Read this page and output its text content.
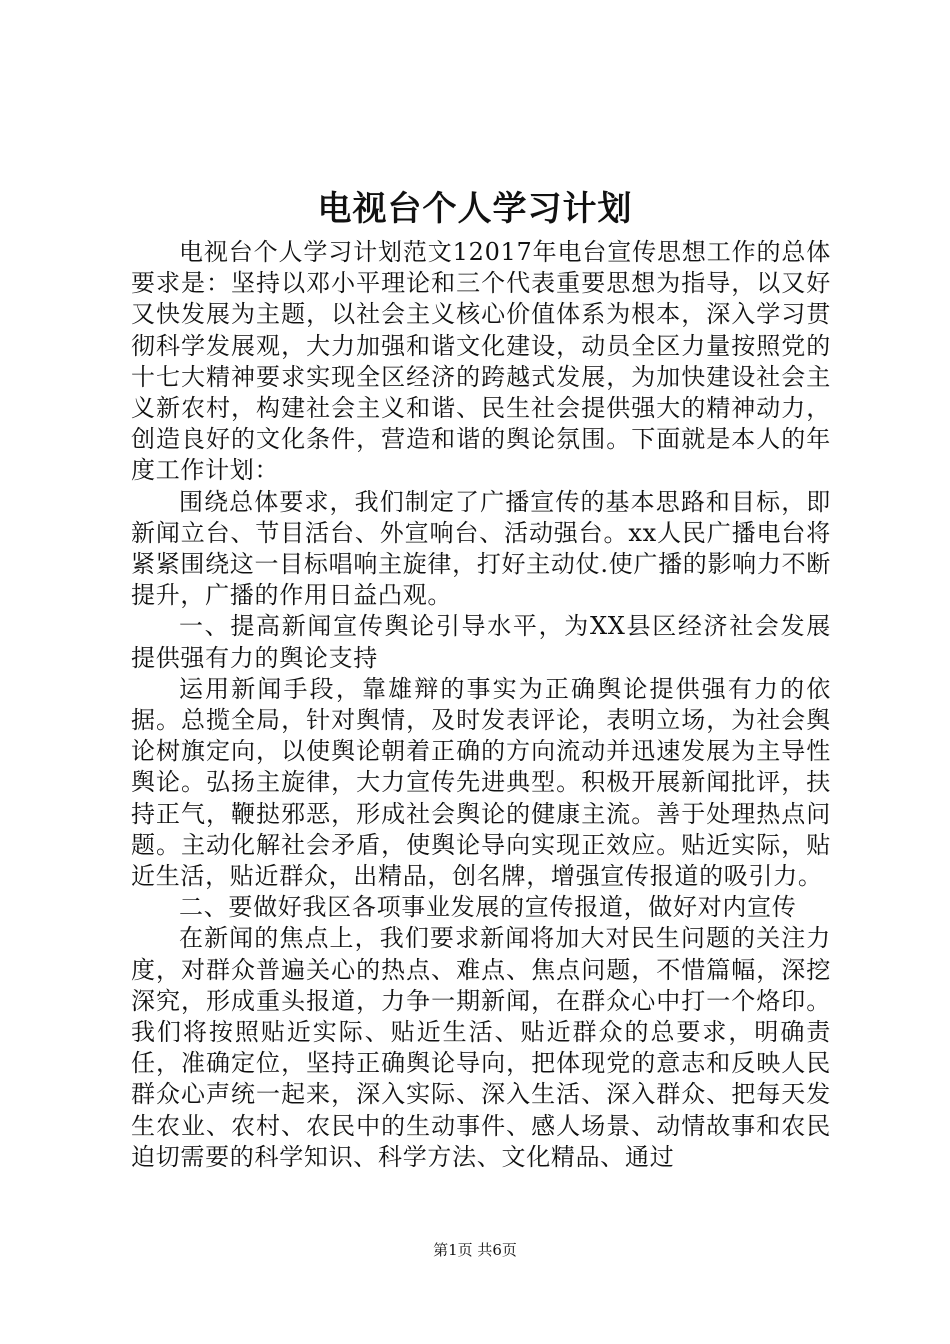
电视台个人学习计划

电视台个人学习计划范文12017年电台宣传思想工作的总体要求是：坚持以邓小平理论和三个代表重要思想为指导，以又好又快发展为主题，以社会主义核心价值体系为根本，深入学习贯彻科学发展观，大力加强和谐文化建设，动员全区力量按照党的十七大精神要求实现全区经济的跨越式发展，为加快建设社会主义新农村，构建社会主义和谐、民生社会提供强大的精神动力，创造良好的文化条件，营造和谐的舆论氛围。下面就是本人的年度工作计划：

围绕总体要求，我们制定了广播宣传的基本思路和目标，即新闻立台、节目活台、外宣响台、活动强台。xx人民广播电台将紧紧围绕这一目标唱响主旋律，打好主动仗.使广播的影响力不断提升，广播的作用日益凸观。

一、提高新闻宣传舆论引导水平，为XX县区经济社会发展提供强有力的舆论支持

运用新闻手段，靠雄辩的事实为正确舆论提供强有力的依据。总揽全局，针对舆情，及时发表评论，表明立场，为社会舆论树旗定向，以使舆论朝着正确的方向流动并迅速发展为主导性舆论。弘扬主旋律，大力宣传先进典型。积极开展新闻批评，扶持正气，鞭挞邪恶，形成社会舆论的健康主流。善于处理热点问题。主动化解社会矛盾，使舆论导向实现正效应。贴近实际，贴近生活，贴近群众，出精品，创名牌，增强宣传报道的吸引力。

二、要做好我区各项事业发展的宣传报道，做好对内宣传

在新闻的焦点上，我们要求新闻将加大对民生问题的关注力度，对群众普遍关心的热点、难点、焦点问题，不惜篇幅，深挖深究，形成重头报道，力争一期新闻，在群众心中打一个烙印。我们将按照贴近实际、贴近生活、贴近群众的总要求，明确责任，准确定位，坚持正确舆论导向，把体现党的意志和反映人民群众心声统一起来，深入实际、深入生活、深入群众、把每天发生农业、农村、农民中的生动事件、感人场景、动情故事和农民迫切需要的科学知识、科学方法、文化精品、通过

第1页 共6页
